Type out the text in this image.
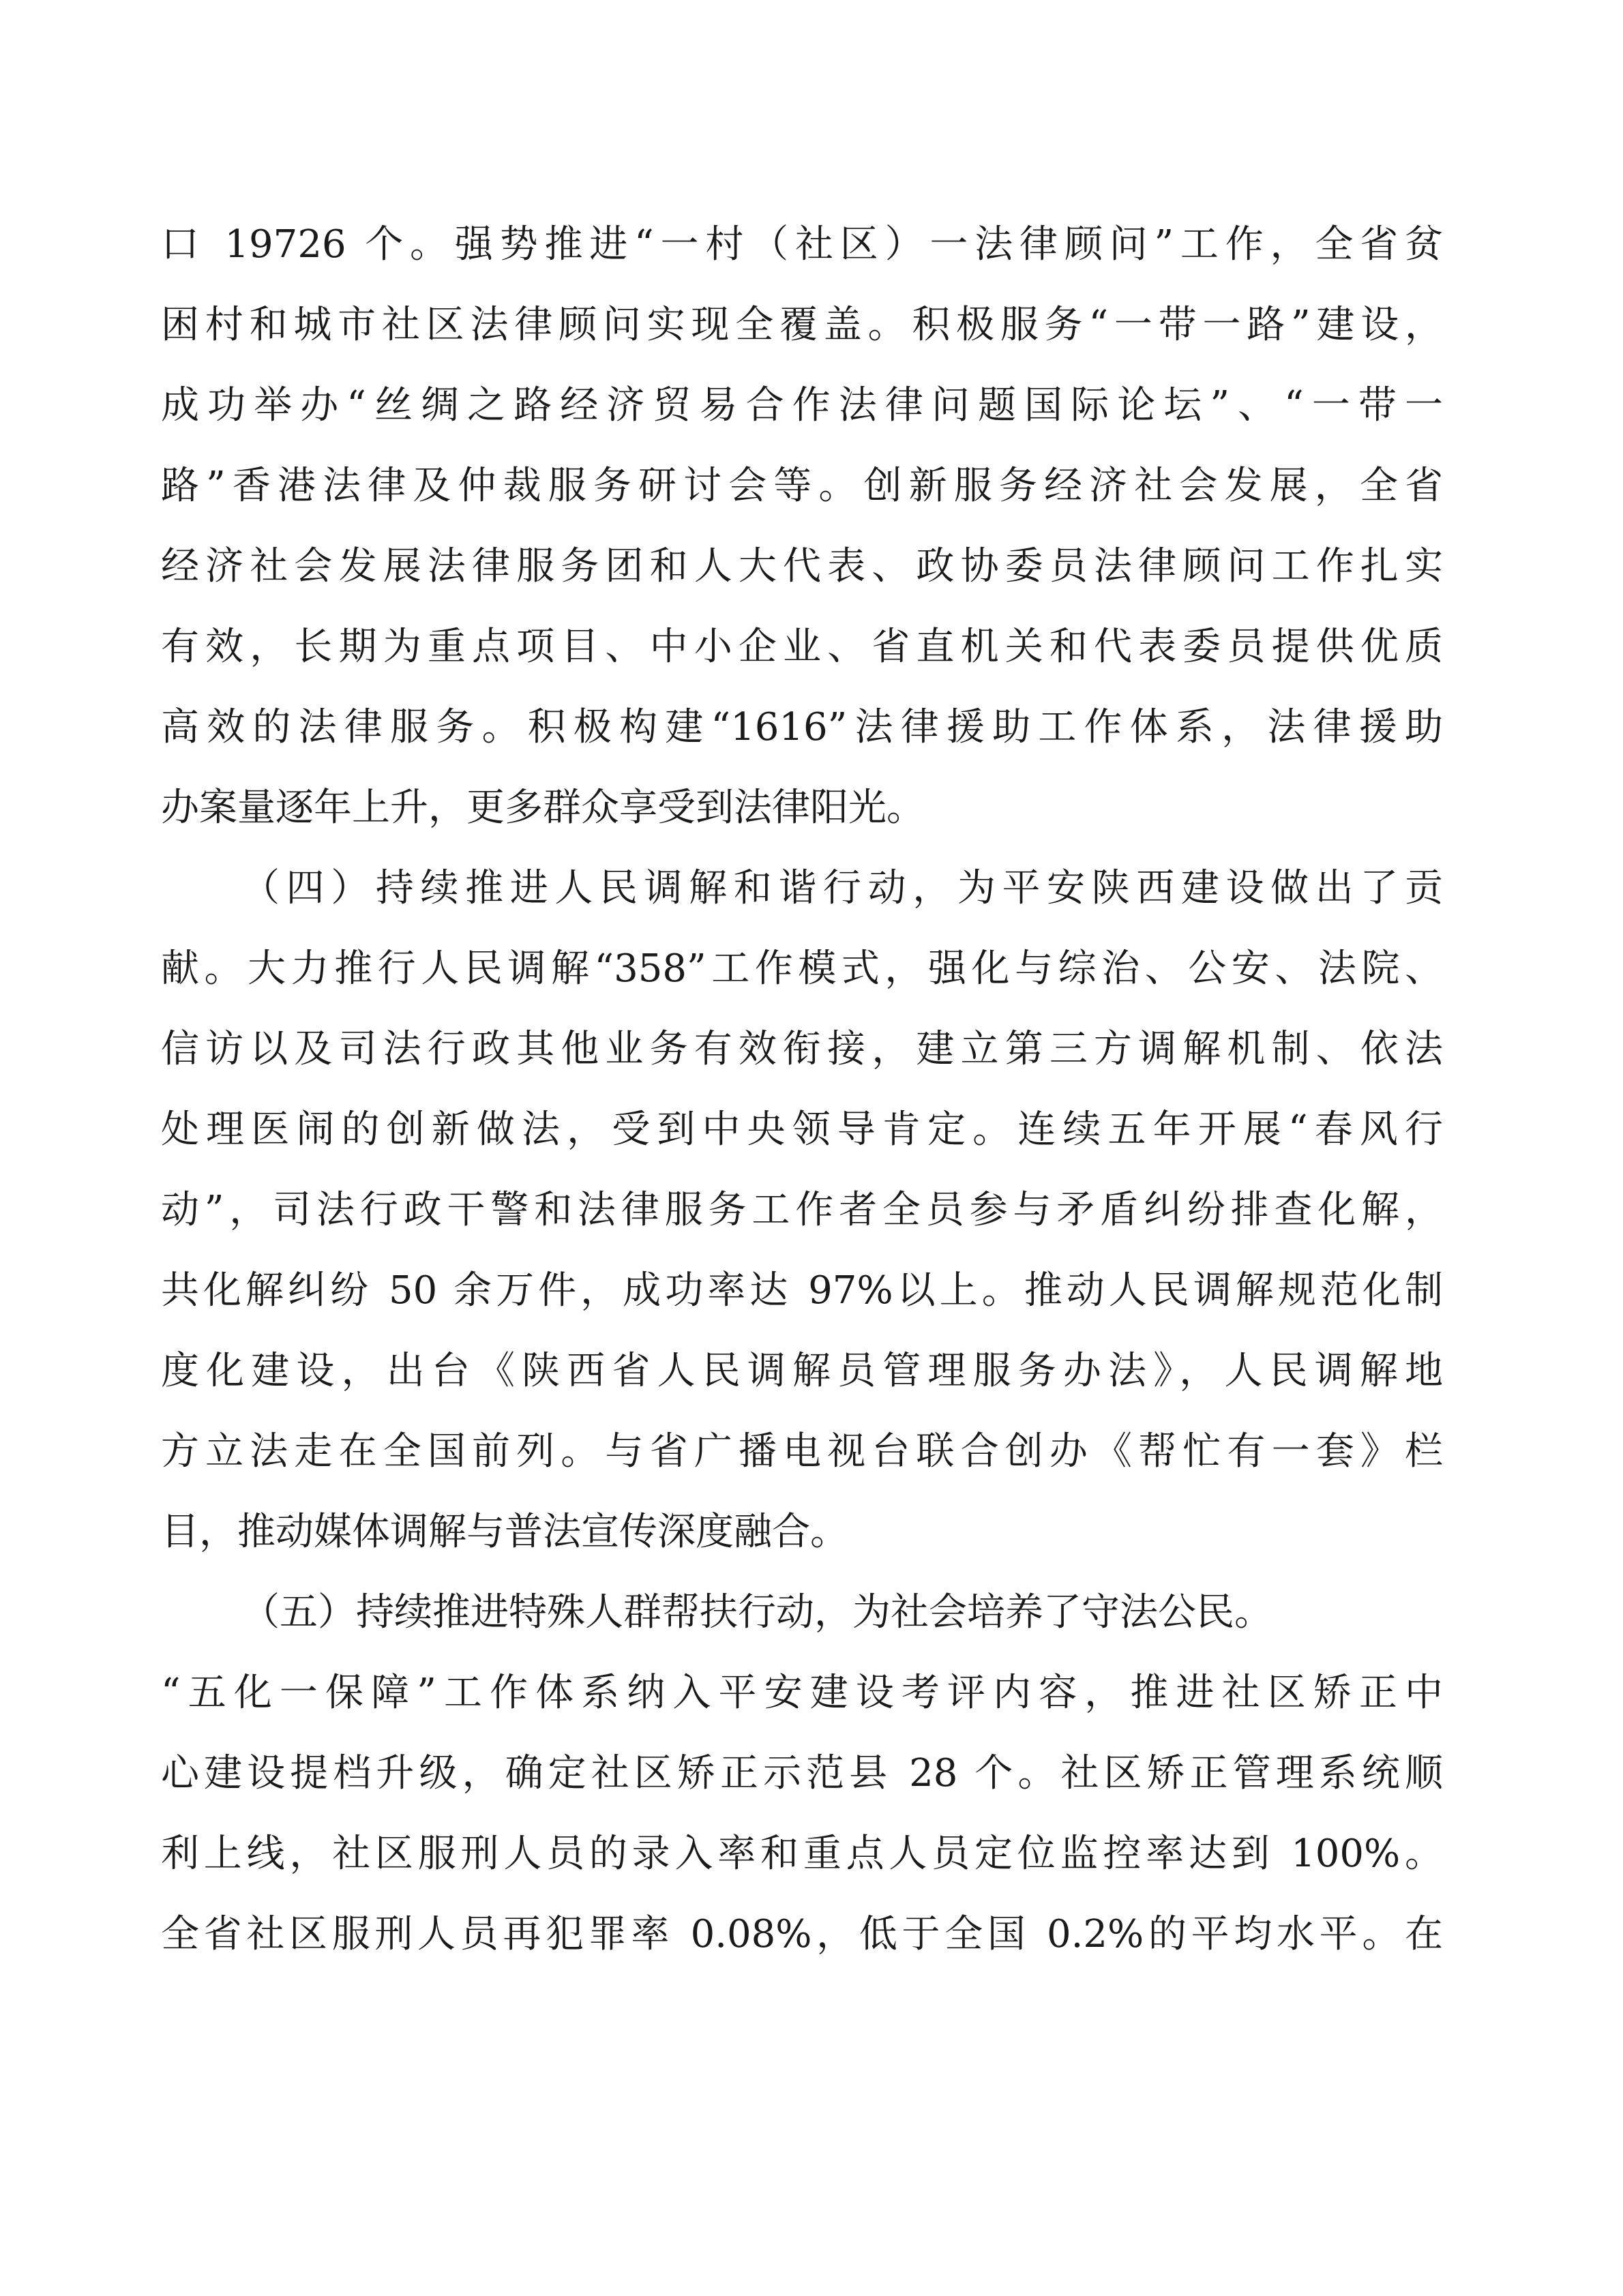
口 19726 个。强势推进“一村（社区）一法律顾问”工作，全省贫
困村和城市社区法律顾问实现全覆盖。积极服务“一带一路”建设，
成功举办“丝绸之路经济贸易合作法律问题国际论坛”、“一带一
路”香港法律及仲裁服务研讨会等。创新服务经济社会发展，全省
经济社会发展法律服务团和人大代表、政协委员法律顾问工作扎实
有效，长期为重点项目、中小企业、省直机关和代表委员提供优质
高效的法律服务。积极构建“1616”法律援助工作体系，法律援助
办案量逐年上升，更多群众享受到法律阳光。
（四）持续推进人民调解和谐行动，为平安陕西建设做出了贡
献。大力推行人民调解“358”工作模式，强化与综治、公安、法院、
信访以及司法行政其他业务有效衔接，建立第三方调解机制、依法
处理医闹的创新做法，受到中央领导肯定。连续五年开展“春风行
动”，司法行政干警和法律服务工作者全员参与矛盾纠纷排查化解，
共化解纠纷 50 余万件，成功率达 97%以上。推动人民调解规范化制
度化建设，出台《陕西省人民调解员管理服务办法》，人民调解地
方立法走在全国前列。与省广播电视台联合创办《帮忙有一套》栏
目，推动媒体调解与普法宣传深度融合。
（五）持续推进特殊人群帮扶行动，为社会培养了守法公民。
“五化一保障”工作体系纳入平安建设考评内容，推进社区矫正中
心建设提档升级，确定社区矫正示范县 28 个。社区矫正管理系统顺
利上线，社区服刑人员的录入率和重点人员定位监控率达到 100%。
全省社区服刑人员再犯罪率 0.08%，低于全国 0.2%的平均水平。在
